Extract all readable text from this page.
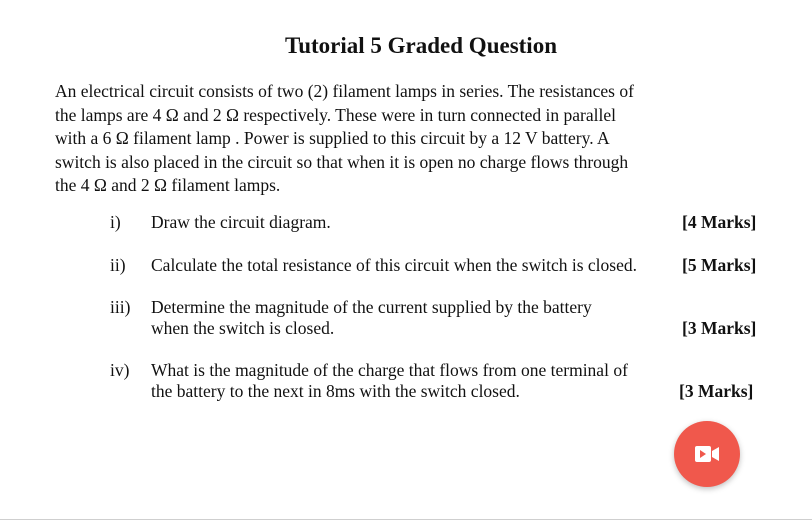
Tutorial 5 Graded Question
An electrical circuit consists of two (2) filament lamps in series. The resistances of
the lamps are 4 Ω and 2 Ω respectively. These were in turn connected in parallel
with a 6 Ω filament lamp . Power is supplied to this circuit by a 12 V battery. A
switch is also placed in the circuit so that when it is open no charge flows through
the 4 Ω and 2 Ω filament lamps.
i) Draw the circuit diagram.	[4 Marks]
ii) Calculate the total resistance of this circuit when the switch is closed.	[5 Marks]
iii) Determine the magnitude of the current supplied by the battery
when the switch is closed.	[3 Marks]
iv) What is the magnitude of the charge that flows from one terminal of
the battery to the next in 8ms with the switch closed.	[3 Marks]
